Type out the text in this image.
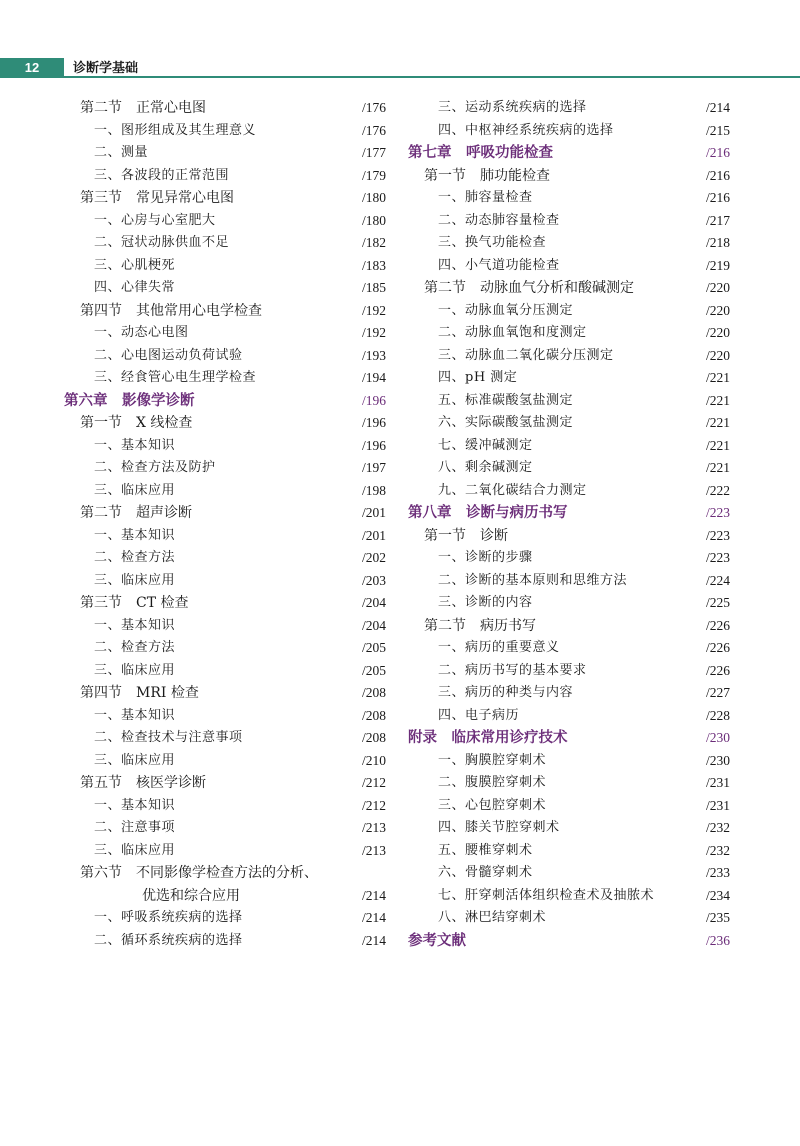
12	诊断学基础
第二节　正常心电图	/176
一、图形组成及其生理意义	/176
二、测量	/177
三、各波段的正常范围	/179
第三节　常见异常心电图	/180
一、心房与心室肥大	/180
二、冠状动脉供血不足	/182
三、心肌梗死	/183
四、心律失常	/185
第四节　其他常用心电学检查	/192
一、动态心电图	/192
二、心电图运动负荷试验	/193
三、经食管心电生理学检查	/194
第六章　影像学诊断	/196
第一节　X 线检查	/196
一、基本知识	/196
二、检查方法及防护	/197
三、临床应用	/198
第二节　超声诊断	/201
一、基本知识	/201
二、检查方法	/202
三、临床应用	/203
第三节　CT 检查	/204
一、基本知识	/204
二、检查方法	/205
三、临床应用	/205
第四节　MRI 检查	/208
一、基本知识	/208
二、检查技术与注意事项	/208
三、临床应用	/210
第五节　核医学诊断	/212
一、基本知识	/212
二、注意事项	/213
三、临床应用	/213
第六节　不同影像学检查方法的分析、
优选和综合应用	/214
一、呼吸系统疾病的选择	/214
二、循环系统疾病的选择	/214
三、运动系统疾病的选择	/214
四、中枢神经系统疾病的选择	/215
第七章　呼吸功能检查	/216
第一节　肺功能检查	/216
一、肺容量检查	/216
二、动态肺容量检查	/217
三、换气功能检查	/218
四、小气道功能检查	/219
第二节　动脉血气分析和酸碱测定	/220
一、动脉血氧分压测定	/220
二、动脉血氧饱和度测定	/220
三、动脉血二氧化碳分压测定	/220
四、pH 测定	/221
五、标准碳酸氢盐测定	/221
六、实际碳酸氢盐测定	/221
七、缓冲碱测定	/221
八、剩余碱测定	/221
九、二氧化碳结合力测定	/222
第八章　诊断与病历书写	/223
第一节　诊断	/223
一、诊断的步骤	/223
二、诊断的基本原则和思维方法	/224
三、诊断的内容	/225
第二节　病历书写	/226
一、病历的重要意义	/226
二、病历书写的基本要求	/226
三、病历的种类与内容	/227
四、电子病历	/228
附录　临床常用诊疗技术	/230
一、胸膜腔穿刺术	/230
二、腹膜腔穿刺术	/231
三、心包腔穿刺术	/231
四、膝关节腔穿刺术	/232
五、腰椎穿刺术	/232
六、骨髓穿刺术	/233
七、肝穿刺活体组织检查术及抽脓术	/234
八、淋巴结穿刺术	/235
参考文献	/236
